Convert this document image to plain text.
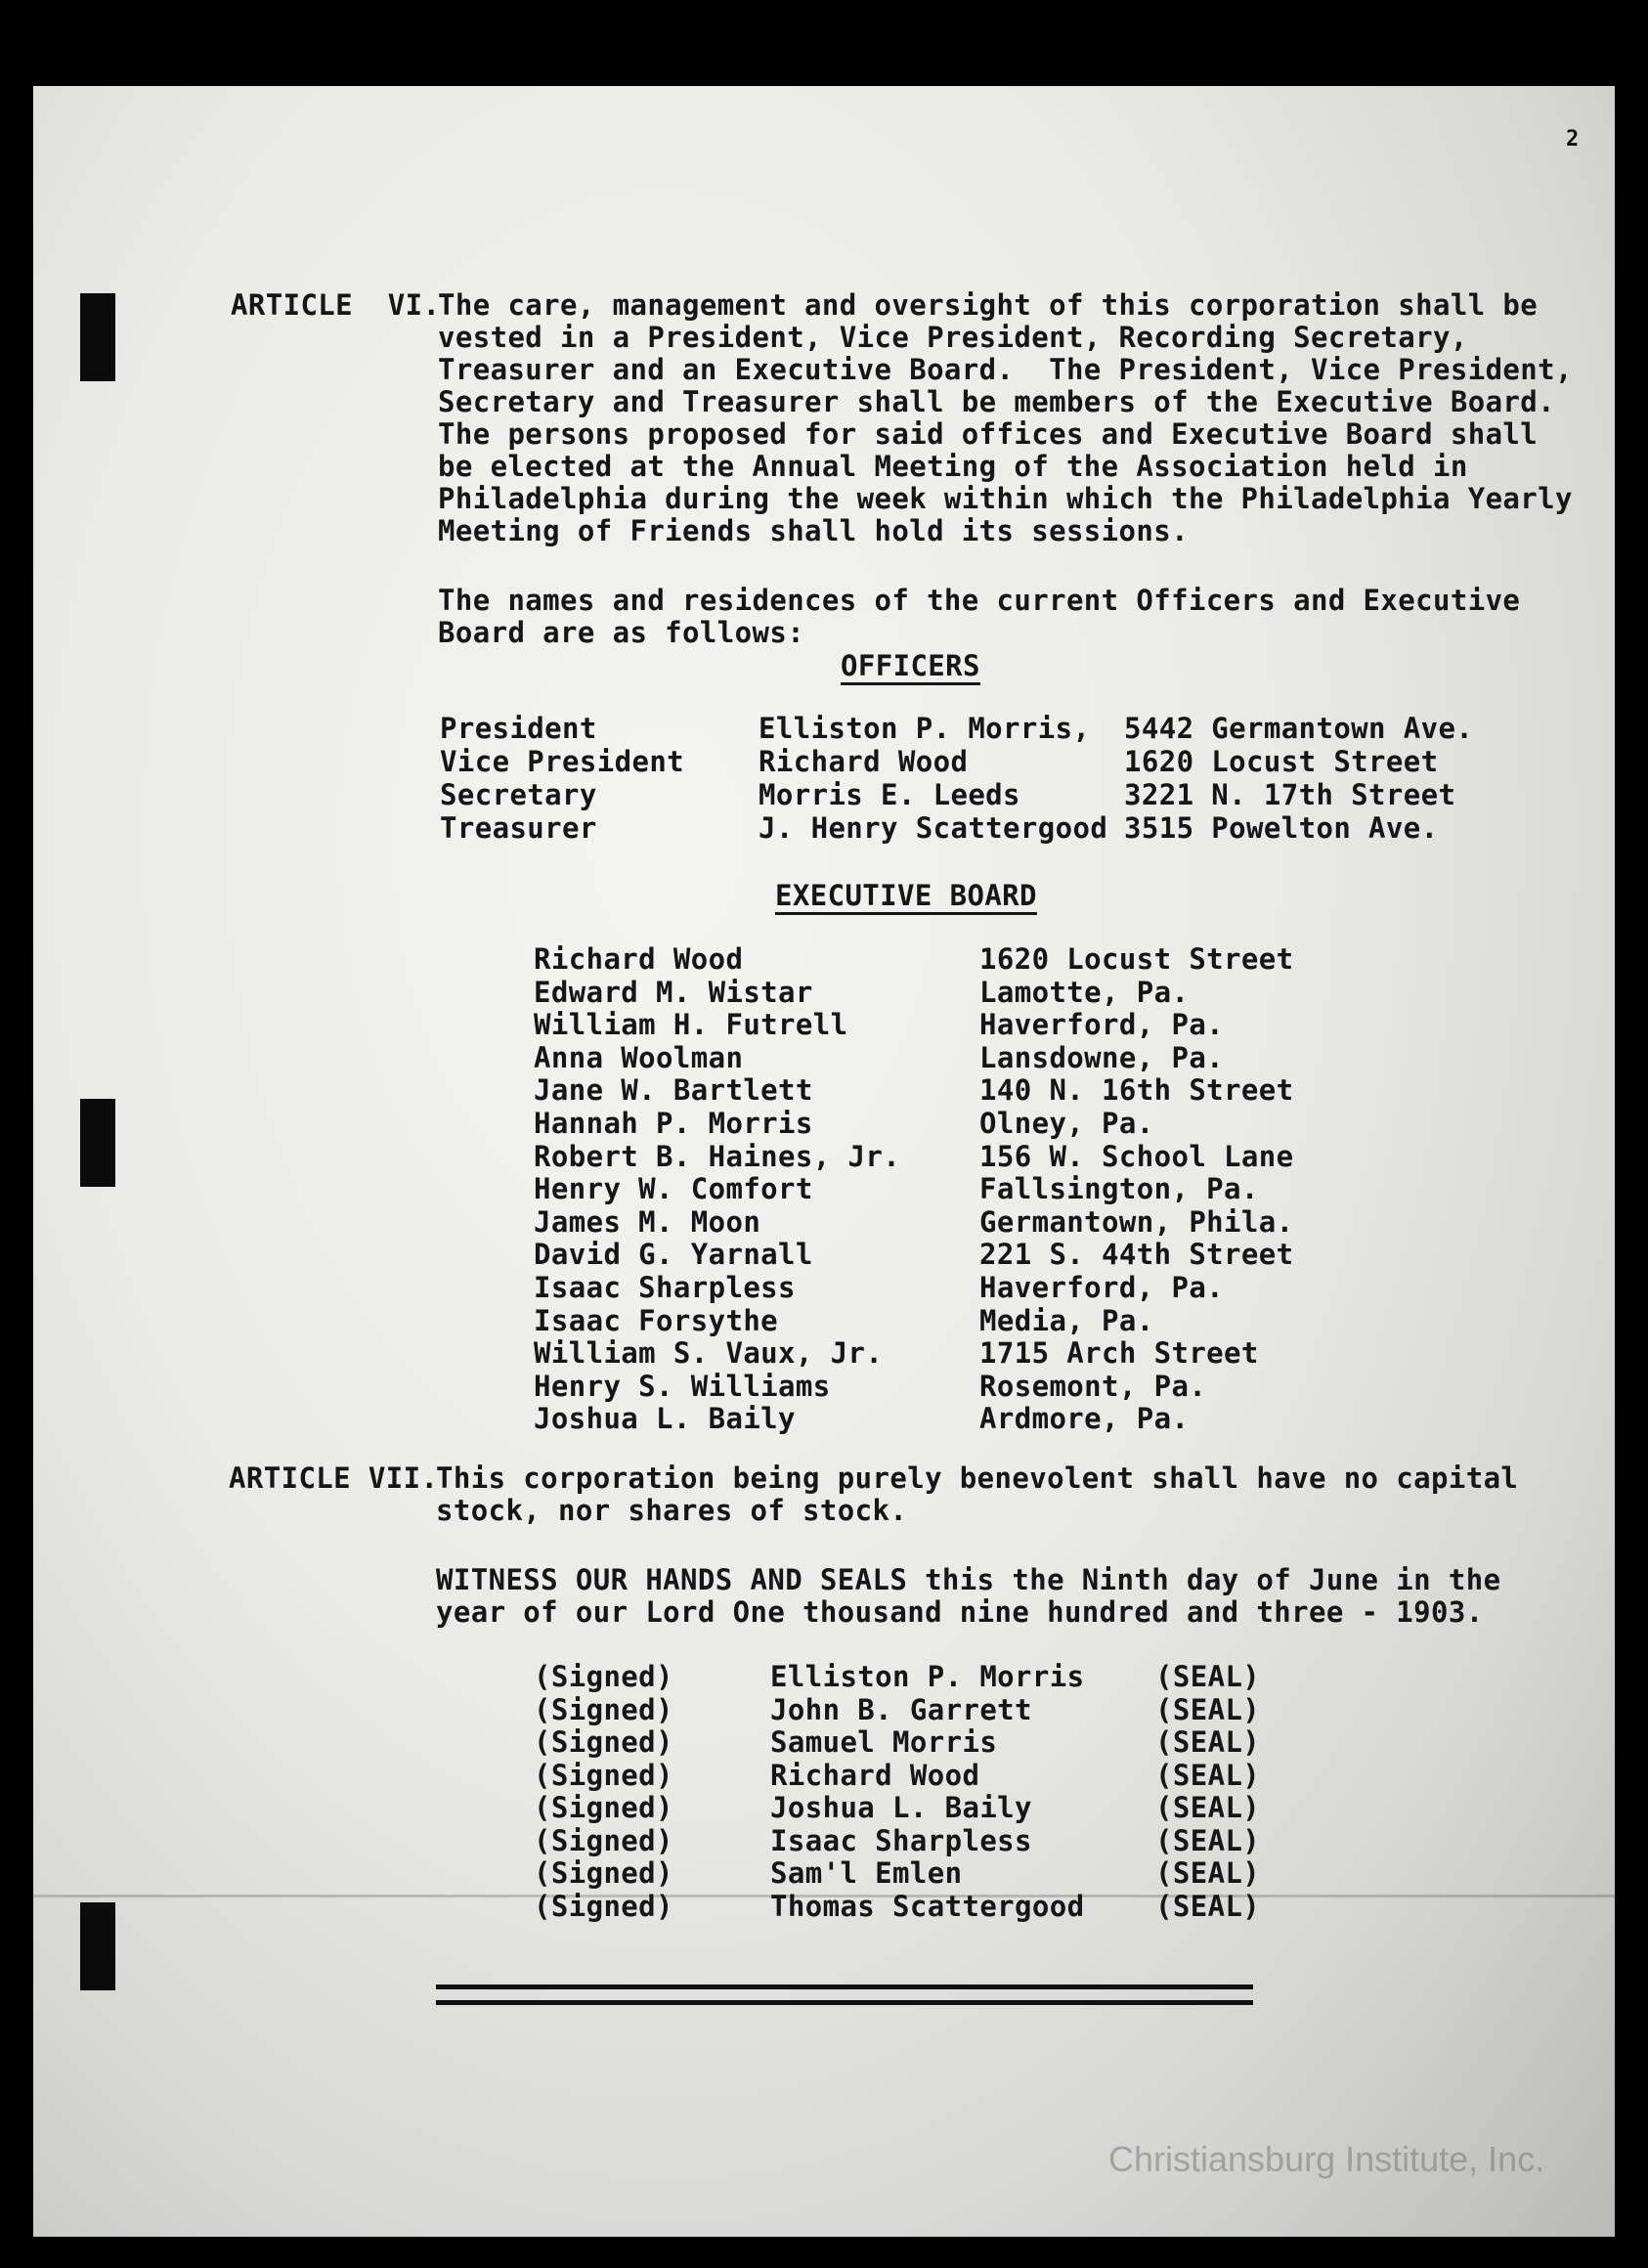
2
ARTICLE  VI.
The care, management and oversight of this corporation shall be
vested in a President, Vice President, Recording Secretary,
Treasurer and an Executive Board.  The President, Vice President,
Secretary and Treasurer shall be members of the Executive Board.
The persons proposed for said offices and Executive Board shall
be elected at the Annual Meeting of the Association held in
Philadelphia during the week within which the Philadelphia Yearly
Meeting of Friends shall hold its sessions.
The names and residences of the current Officers and Executive
Board are as follows:
OFFICERS
President	Elliston P. Morris, 5442 Germantown Ave.
Vice President	Richard Wood	1620 Locust Street
Secretary	Morris E. Leeds	3221 N. 17th Street
Treasurer	J. Henry Scattergood 3515 Powelton Ave.
EXECUTIVE BOARD
Richard Wood	1620 Locust Street
Edward M. Wistar	Lamotte, Pa.
William H. Futrell	Haverford, Pa.
Anna Woolman	Lansdowne, Pa.
Jane W. Bartlett	140 N. 16th Street
Hannah P. Morris	Olney, Pa.
Robert B. Haines, Jr.	156 W. School Lane
Henry W. Comfort	Fallsington, Pa.
James M. Moon	Germantown, Phila.
David G. Yarnall	221 S. 44th Street
Isaac Sharpless	Haverford, Pa.
Isaac Forsythe	Media, Pa.
William S. Vaux, Jr.	1715 Arch Street
Henry S. Williams	Rosemont, Pa.
Joshua L. Baily	Ardmore, Pa.
ARTICLE VII.
This corporation being purely benevolent shall have no capital
stock, nor shares of stock.
WITNESS OUR HANDS AND SEALS this the Ninth day of June in the
year of our Lord One thousand nine hundred and three - 1903.
(Signed)	Elliston P. Morris	(SEAL)
(Signed)	John B. Garrett	(SEAL)
(Signed)	Samuel Morris	(SEAL)
(Signed)	Richard Wood	(SEAL)
(Signed)	Joshua L. Baily	(SEAL)
(Signed)	Isaac Sharpless	(SEAL)
(Signed)	Sam'l Emlen	(SEAL)
(Signed)	Thomas Scattergood	(SEAL)
Christiansburg Institute, Inc.
